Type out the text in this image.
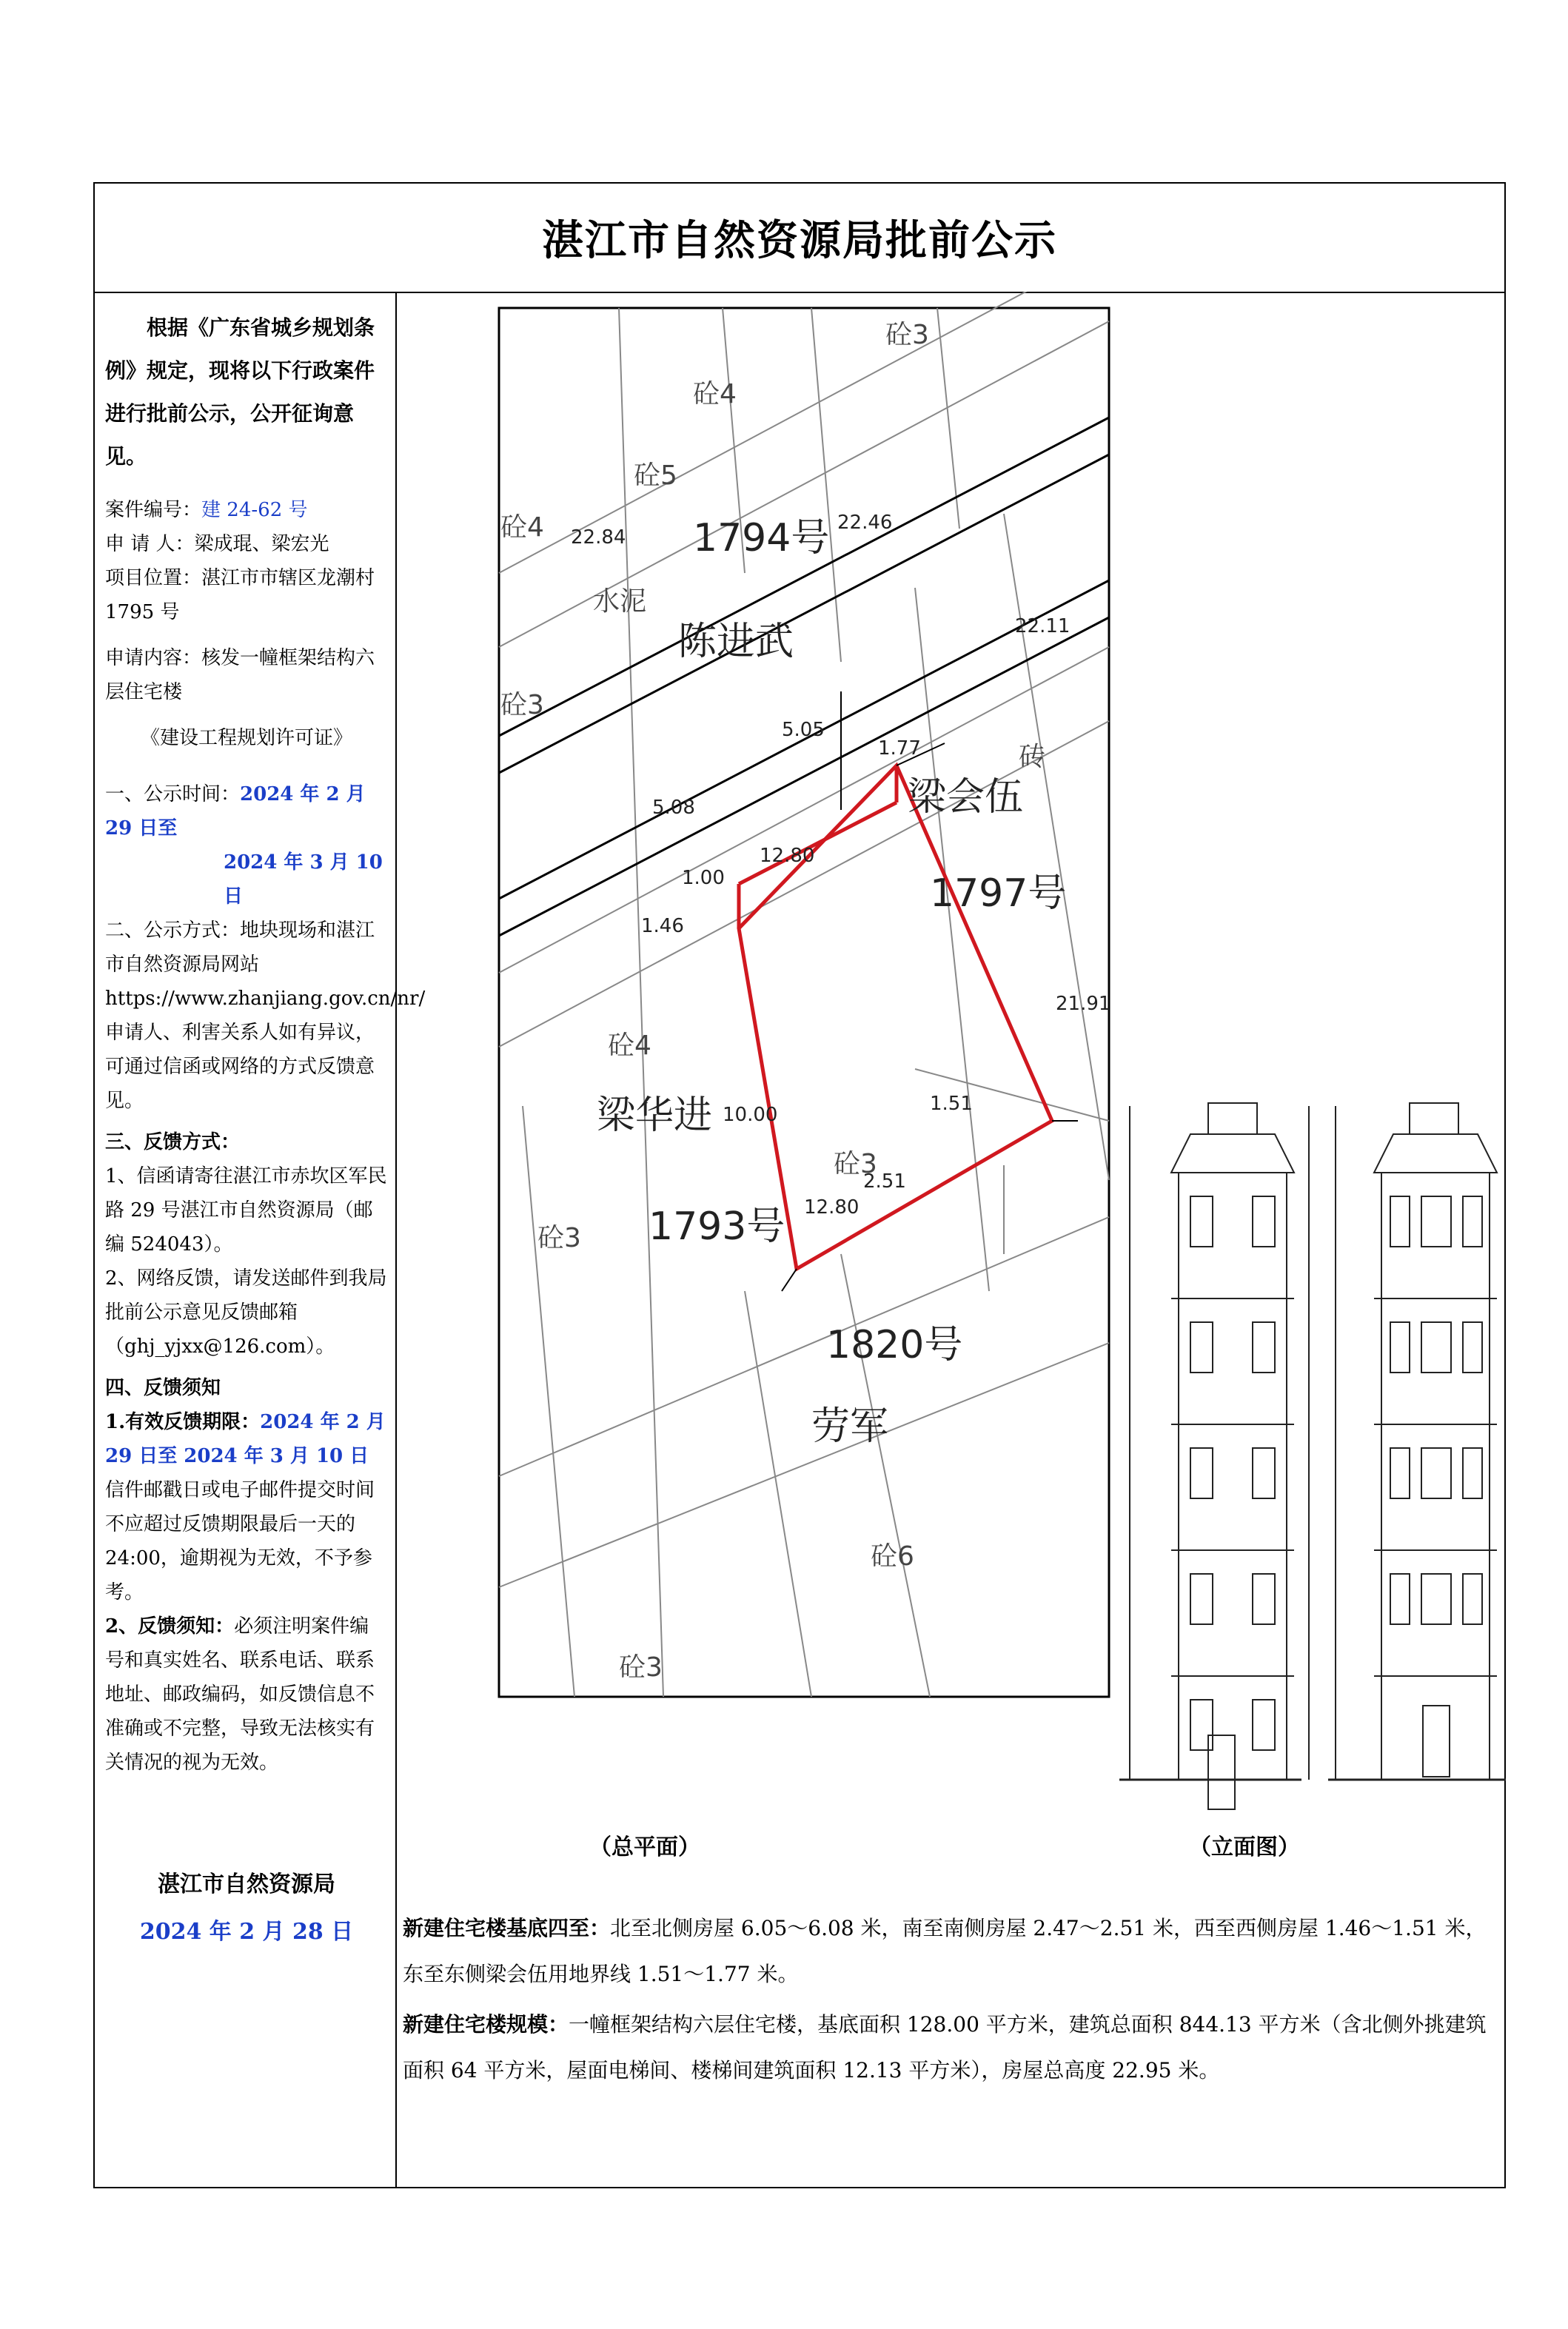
湛江市自然资源局批前公示

根据《广东省城乡规划条例》规定，现将以下行政案件进行批前公示，公开征询意见。

案件编号：建 24-62 号

申 请 人：梁成琨、梁宏光

项目位置：湛江市市辖区龙潮村 1795 号

申请内容：核发一幢框架结构六层住宅楼

《建设工程规划许可证》

一、公示时间：2024 年 2 月 29 日至

2024 年 3 月 10 日

二、公示方式：地块现场和湛江市自然资源局网站

https://www.zhanjiang.gov.cn/nr/

申请人、利害关系人如有异议，可通过信函或网络的方式反馈意见。

三、反馈方式：

1、信函请寄往湛江市赤坎区军民路 29 号湛江市自然资源局（邮编 524043）。

2、网络反馈，请发送邮件到我局批前公示意见反馈邮箱（ghj_yjxx@126.com）。

四、反馈须知

1.有效反馈期限：2024 年 2 月 29 日至 2024 年 3 月 10 日信件邮戳日或电子邮件提交时间不应超过反馈期限最后一天的 24:00，逾期视为无效，不予参考。

2、反馈须知：必须注明案件编号和真实姓名、联系电话、联系地址、邮政编码，如反馈信息不准确或不完整，导致无法核实有关情况的视为无效。

湛江市自然资源局
2024 年 2 月 28 日
1794号
陈进武
梁会伍
1797号
梁华进
1793号
1820号
劳军
5.05
5.08
1.77
12.80
1.46
1.00
10.00	1.51
2.51
12.80
22.84
22.46
22.11
21.91
砼4
砼5
砼3
砼4
砼3
砼6
砼3
水泥
砖
砼4
砼3
砼3
（总平面）	（立面图）

新建住宅楼基底四至：北至北侧房屋 6.05～6.08 米，南至南侧房屋 2.47～2.51 米，西至西侧房屋 1.46～1.51 米，东至东侧梁会伍用地界线 1.51～1.77 米。

新建住宅楼规模：一幢框架结构六层住宅楼，基底面积 128.00 平方米，建筑总面积 844.13 平方米（含北侧外挑建筑面积 64 平方米，屋面电梯间、楼梯间建筑面积 12.13 平方米），房屋总高度 22.95 米。
